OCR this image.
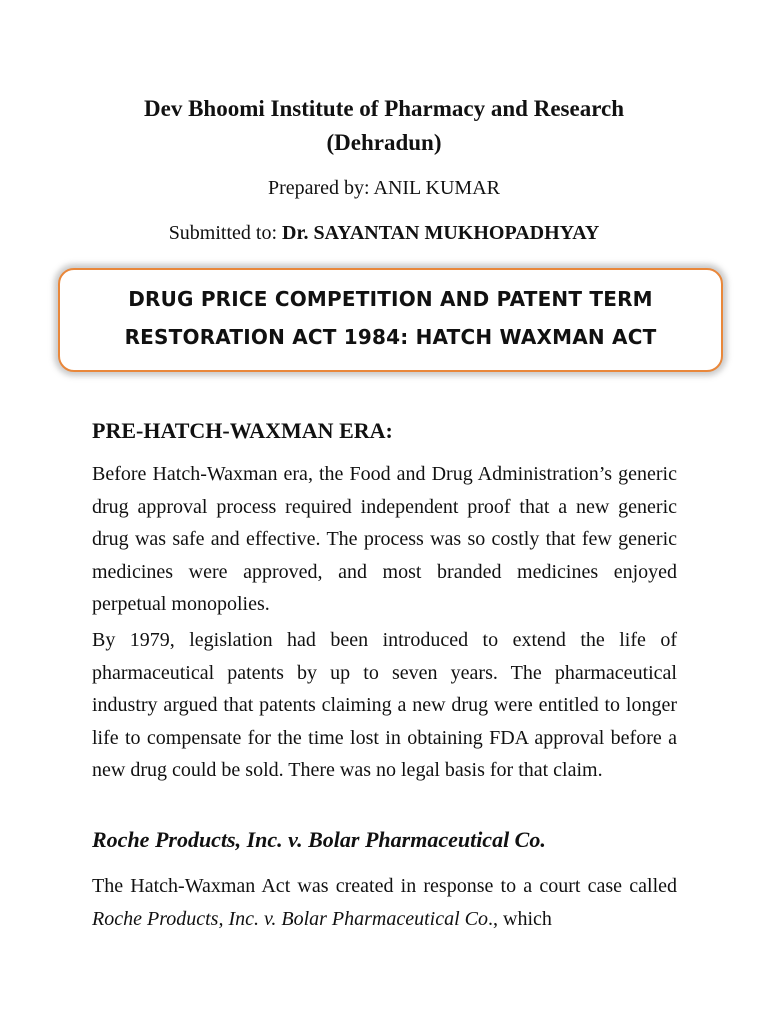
Dev Bhoomi Institute of Pharmacy and Research
(Dehradun)
Prepared by: ANIL KUMAR
Submitted to: Dr. SAYANTAN MUKHOPADHYAY
DRUG PRICE COMPETITION AND PATENT TERM
RESTORATION ACT 1984: HATCH WAXMAN ACT
PRE-HATCH-WAXMAN ERA:

Before Hatch-Waxman era, the Food and Drug Administration’s generic drug approval process required independent proof that a new generic drug was safe and effective. The process was so costly that few generic medicines were approved, and most branded medicines enjoyed perpetual monopolies.

By 1979, legislation had been introduced to extend the life of pharmaceutical patents by up to seven years. The pharmaceutical industry argued that patents claiming a new drug were entitled to longer life to compensate for the time lost in obtaining FDA approval before a new drug could be sold. There was no legal basis for that claim.

Roche Products, Inc. v. Bolar Pharmaceutical Co.

The Hatch-Waxman Act was created in response to a court case called Roche Products, Inc. v. Bolar Pharmaceutical Co., which
